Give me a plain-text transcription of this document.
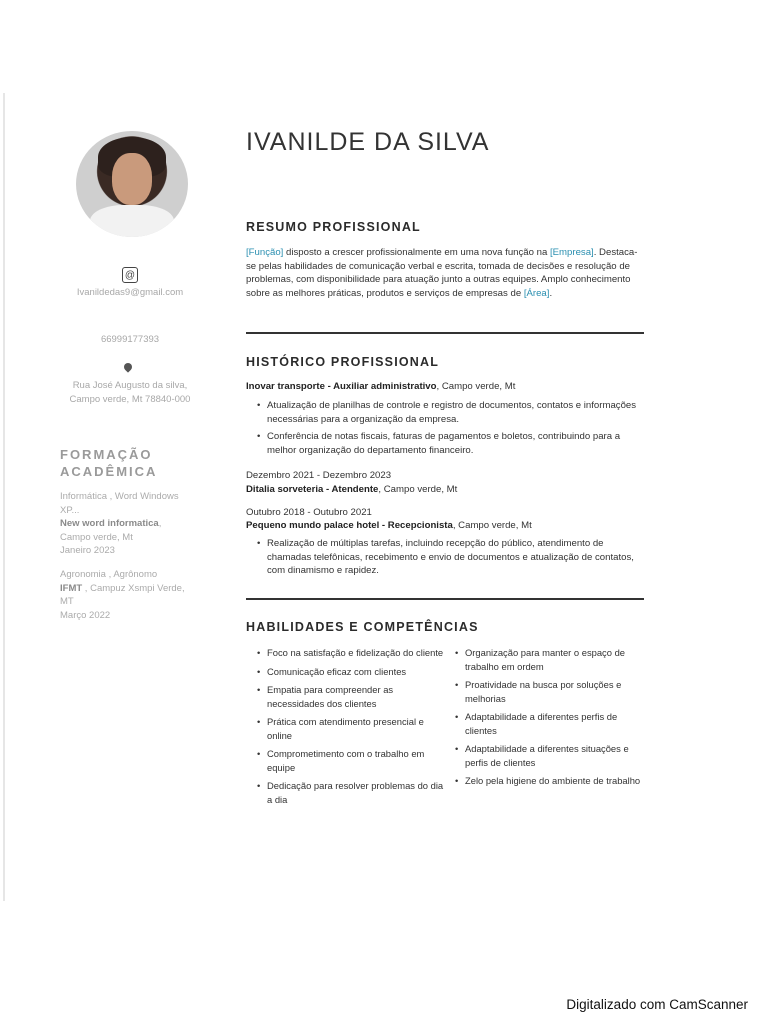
@
Ivanildedas9@gmail.com
66999177393
Rua José Augusto da silva,
Campo verde, Mt 78840-000
FORMAÇÃO
ACADÊMICA
Informática , Word Windows XP...
New word informatica,
Campo verde, Mt
Janeiro 2023
Agronomia , Agrônomo
IFMT , Campuz Xsmpi Verde, MT
Março 2022
IVANILDE DA SILVA
RESUMO PROFISSIONAL
[Função] disposto a crescer profissionalmente em uma nova função na [Empresa]. Destaca-se pelas habilidades de comunicação verbal e escrita, tomada de decisões e resolução de problemas, com disponibilidade para atuação junto a outras equipes. Amplo conhecimento sobre as melhores práticas, produtos e serviços de empresas de [Área].
HISTÓRICO PROFISSIONAL
Inovar transporte - Auxiliar administrativo, Campo verde, Mt
• Atualização de planilhas de controle e registro de documentos, contatos e informações necessárias para a organização da empresa.
• Conferência de notas fiscais, faturas de pagamentos e boletos, contribuindo para a melhor organização do departamento financeiro.
Dezembro 2021 - Dezembro 2023
Ditalia sorveteria - Atendente, Campo verde, Mt
Outubro 2018 - Outubro 2021
Pequeno mundo palace hotel - Recepcionista, Campo verde, Mt
• Realização de múltiplas tarefas, incluindo recepção do público, atendimento de chamadas telefônicas, recebimento e envio de documentos e atualização de contatos, com dinamismo e rapidez.
HABILIDADES E COMPETÊNCIAS
• Foco na satisfação e fidelização do cliente
• Comunicação eficaz com clientes
• Empatia para compreender as necessidades dos clientes
• Prática com atendimento presencial e online
• Comprometimento com o trabalho em equipe
• Dedicação para resolver problemas do dia a dia
• Organização para manter o espaço de trabalho em ordem
• Proatividade na busca por soluções e melhorias
• Adaptabilidade a diferentes perfis de clientes
• Adaptabilidade a diferentes situações e perfis de clientes
• Zelo pela higiene do ambiente de trabalho
Digitalizado com CamScanner
